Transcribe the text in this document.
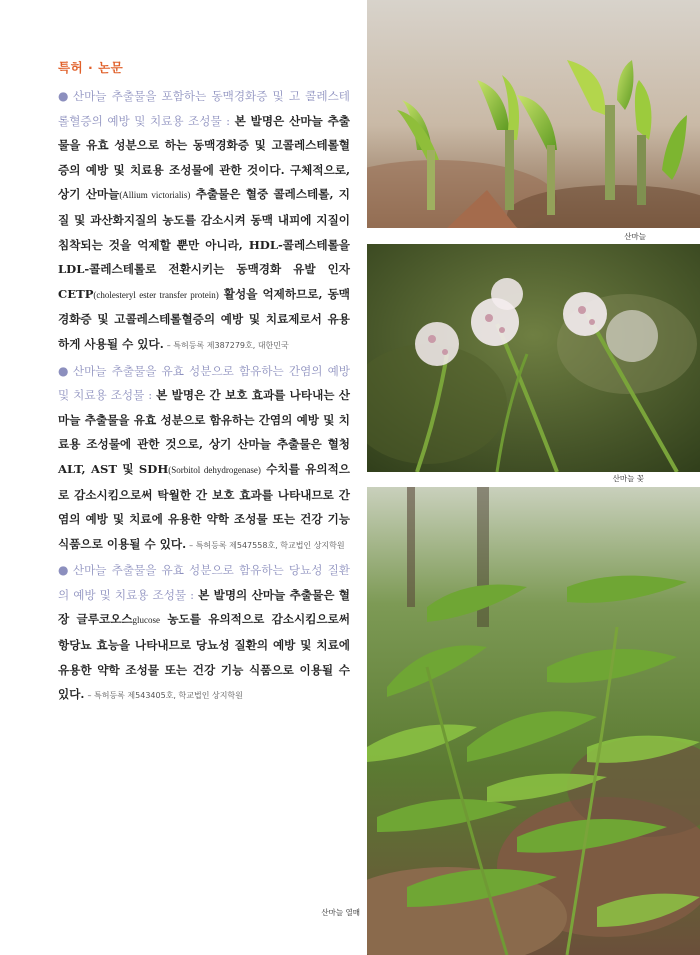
특허 · 논문

● 산마늘 추출물을 포함하는 동맥경화증 및 고 콜레스테롤혈증의 예방 및 치료용 조성물 : 본 발명은 산마늘 추출물을 유효 성분으로 하는 동맥경화증 및 고콜레스테롤혈증의 예방 및 치료용 조성물에 관한 것이다. 구체적으로, 상기 산마늘(Allium victorialis) 추출물은 혈중 콜레스테롤, 지질 및 과산화지질의 농도를 감소시켜 동맥 내피에 지질이 침착되는 것을 억제할 뿐만 아니라, HDL-콜레스테롤을 LDL-콜레스테롤로 전환시키는 동맥경화 유발 인자 CETP(cholesteryl ester transfer protein) 활성을 억제하므로, 동맥경화증 및 고콜레스테롤혈증의 예방 및 치료제로서 유용하게 사용될 수 있다. – 특허등록 제387279호, 대한민국

● 산마늘 추출물을 유효 성분으로 함유하는 간염의 예방 및 치료용 조성물 : 본 발명은 간 보호 효과를 나타내는 산마늘 추출물을 유효 성분으로 함유하는 간염의 예방 및 치료용 조성물에 관한 것으로, 상기 산마늘 추출물은 혈청 ALT, AST 및 SDH(Sorbitol dehydrogenase) 수치를 유의적으로 감소시킴으로써 탁월한 간 보호 효과를 나타내므로 간염의 예방 및 치료에 유용한 약학 조성물 또는 건강 기능 식품으로 이용될 수 있다. – 특허등록 제547558호, 학교법인 상지학원

● 산마늘 추출물을 유효 성분으로 함유하는 당뇨성 질환의 예방 및 치료용 조성물 : 본 발명의 산마늘 추출물은 혈장 글루코오스glucose 농도를 유의적으로 감소시킴으로써 항당뇨 효능을 나타내므로 당뇨성 질환의 예방 및 치료에 유용한 약학 조성물 또는 건강 기능 식품으로 이용될 수 있다. – 특허등록 제543405호, 학교법인 상지학원

산마늘
산마늘 꽃
산마늘 열매
